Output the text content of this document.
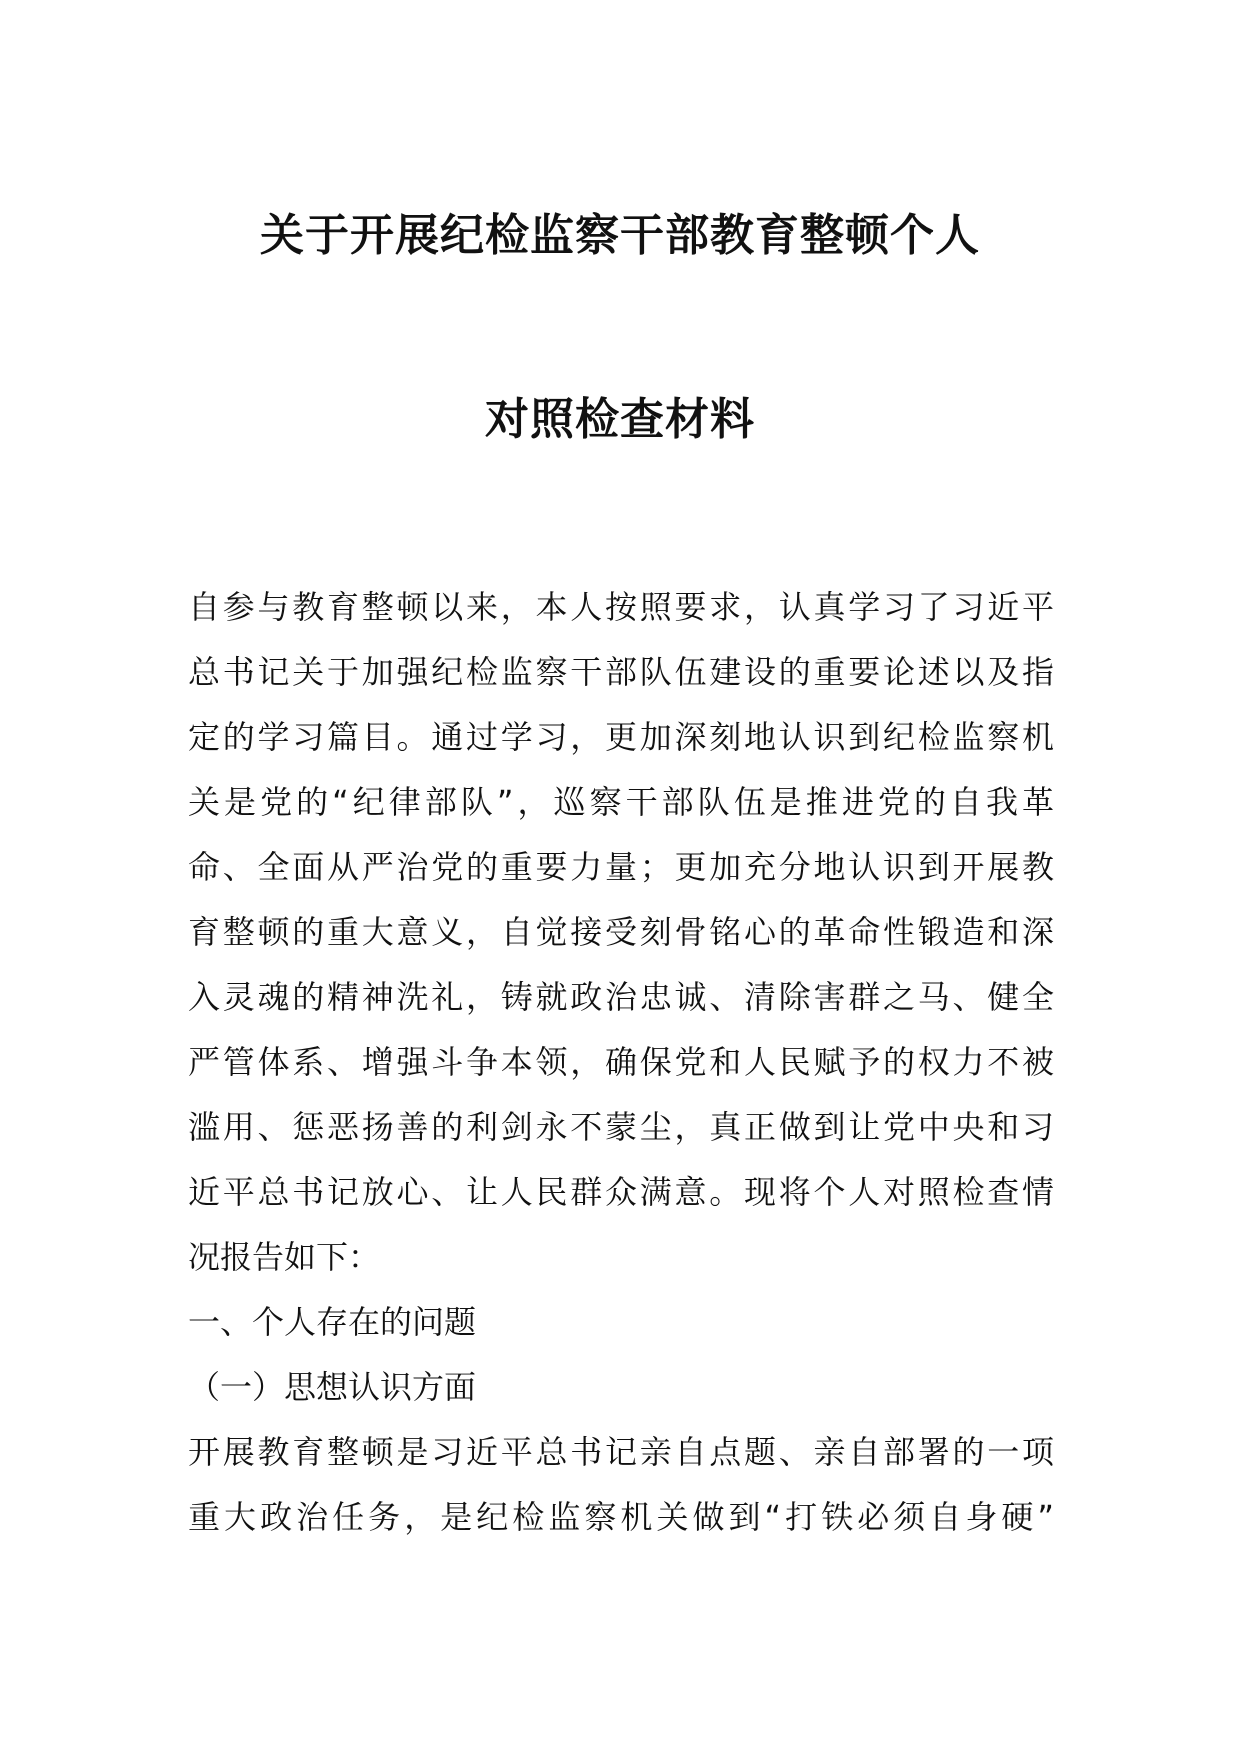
关于开展纪检监察干部教育整顿个人
对照检查材料
自参与教育整顿以来，本人按照要求，认真学习了习近平
总书记关于加强纪检监察干部队伍建设的重要论述以及指
定的学习篇目。通过学习，更加深刻地认识到纪检监察机
关是党的“纪律部队”，巡察干部队伍是推进党的自我革
命、全面从严治党的重要力量；更加充分地认识到开展教
育整顿的重大意义，自觉接受刻骨铭心的革命性锻造和深
入灵魂的精神洗礼，铸就政治忠诚、清除害群之马、健全
严管体系、增强斗争本领，确保党和人民赋予的权力不被
滥用、惩恶扬善的利剑永不蒙尘，真正做到让党中央和习
近平总书记放心、让人民群众满意。现将个人对照检查情
况报告如下：
一、个人存在的问题
（一）思想认识方面
开展教育整顿是习近平总书记亲自点题、亲自部署的一项
重大政治任务，是纪检监察机关做到“打铁必须自身硬”
